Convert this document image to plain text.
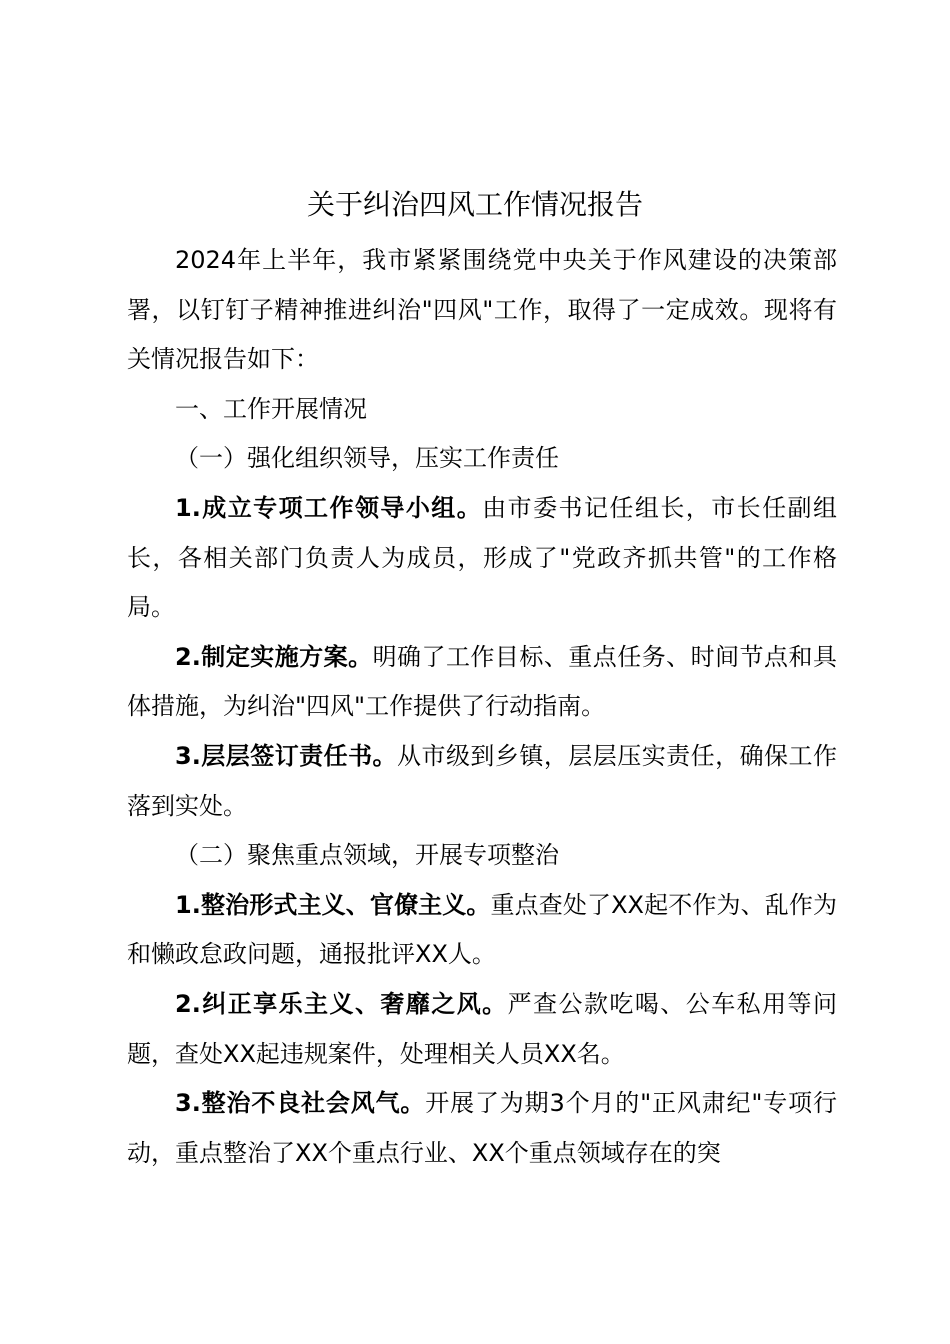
关于纠治四风工作情况报告

2024年上半年，我市紧紧围绕党中央关于作风建设的决策部署，以钉钉子精神推进纠治"四风"工作，取得了一定成效。现将有关情况报告如下：

一、工作开展情况

（一）强化组织领导，压实工作责任

1.成立专项工作领导小组。由市委书记任组长，市长任副组长，各相关部门负责人为成员，形成了"党政齐抓共管"的工作格局。

2.制定实施方案。明确了工作目标、重点任务、时间节点和具体措施，为纠治"四风"工作提供了行动指南。

3.层层签订责任书。从市级到乡镇，层层压实责任，确保工作落到实处。

（二）聚焦重点领域，开展专项整治

1.整治形式主义、官僚主义。重点查处了XX起不作为、乱作为和懒政怠政问题，通报批评XX人。

2.纠正享乐主义、奢靡之风。严查公款吃喝、公车私用等问题，查处XX起违规案件，处理相关人员XX名。

3.整治不良社会风气。开展了为期3个月的"正风肃纪"专项行动，重点整治了XX个重点行业、XX个重点领域存在的突
